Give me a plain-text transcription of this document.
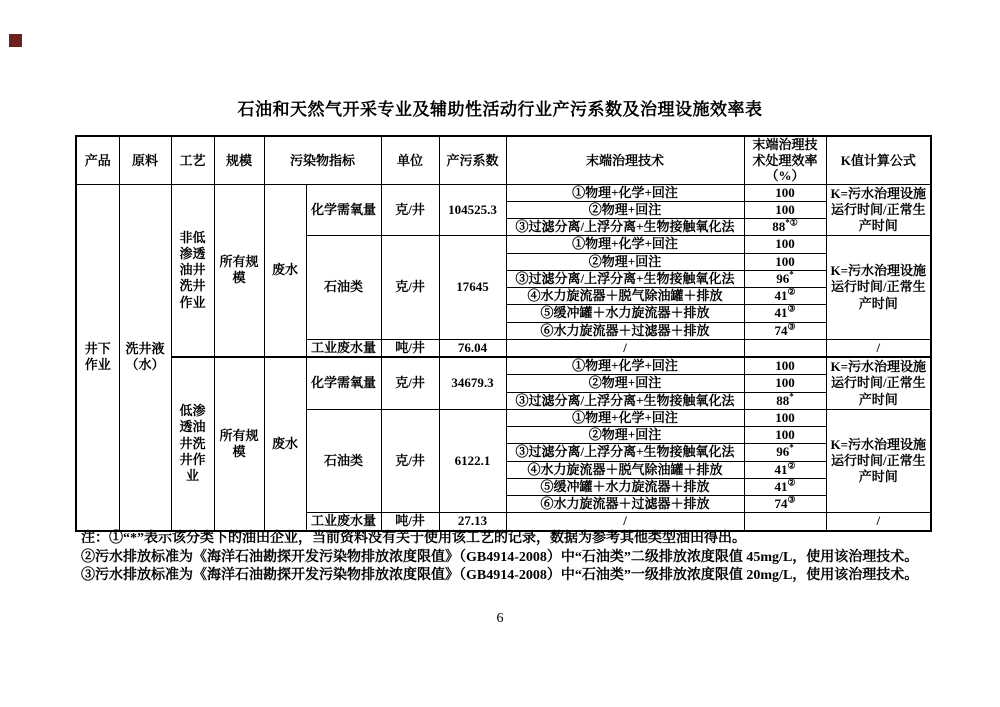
石油和天然气开采专业及辅助性活动行业产污系数及治理设施效率表
产品	原料	工艺	规模	污染物指标		单位	产污系数	末端治理技术	末端治理技术处理效率（%）	K值计算公式
井下作业	洗井液（水）	非低渗透油井洗井作业	所有规模	废水	化学需氧量	克/井	104525.3	①物理+化学+回注	100	K=污水治理设施运行时间/正常生产时间
								②物理+回注	100	
								③过滤分离/上浮分离+生物接触氧化法	88*①
					石油类	克/井	17645	①物理+化学+回注	100	K=污水治理设施运行时间/正常生产时间
								②物理+回注	100	
								③过滤分离/上浮分离+生物接触氧化法	96*
								④水力旋流器＋脱气除油罐＋排放	41②
								⑤缓冲罐＋水力旋流器＋排放	41③
								⑥水力旋流器＋过滤器＋排放	74③
					工业废水量	吨/井	76.04	/		/
		低渗透油井洗井作业	所有规模	废水	化学需氧量	克/井	34679.3	①物理+化学+回注	100	K=污水治理设施运行时间/正常生产时间
								②物理+回注	100	
								③过滤分离/上浮分离+生物接触氧化法	88*
					石油类	克/井	6122.1	①物理+化学+回注	100	K=污水治理设施运行时间/正常生产时间
								②物理+回注	100	
								③过滤分离/上浮分离+生物接触氧化法	96*
								④水力旋流器＋脱气除油罐＋排放	41②
								⑤缓冲罐＋水力旋流器＋排放	41②
								⑥水力旋流器＋过滤器＋排放	74③
					工业废水量	吨/井	27.13	/		/
注：①“*”表示该分类下的油田企业，当前资料没有关于使用该工艺的记录，数据为参考其他类型油田得出。
②污水排放标准为《海洋石油勘探开发污染物排放浓度限值》（GB4914-2008）中“石油类”二级排放浓度限值 45mg/L，使用该治理技术。
③污水排放标准为《海洋石油勘探开发污染物排放浓度限值》（GB4914-2008）中“石油类”一级排放浓度限值 20mg/L，使用该治理技术。
6
